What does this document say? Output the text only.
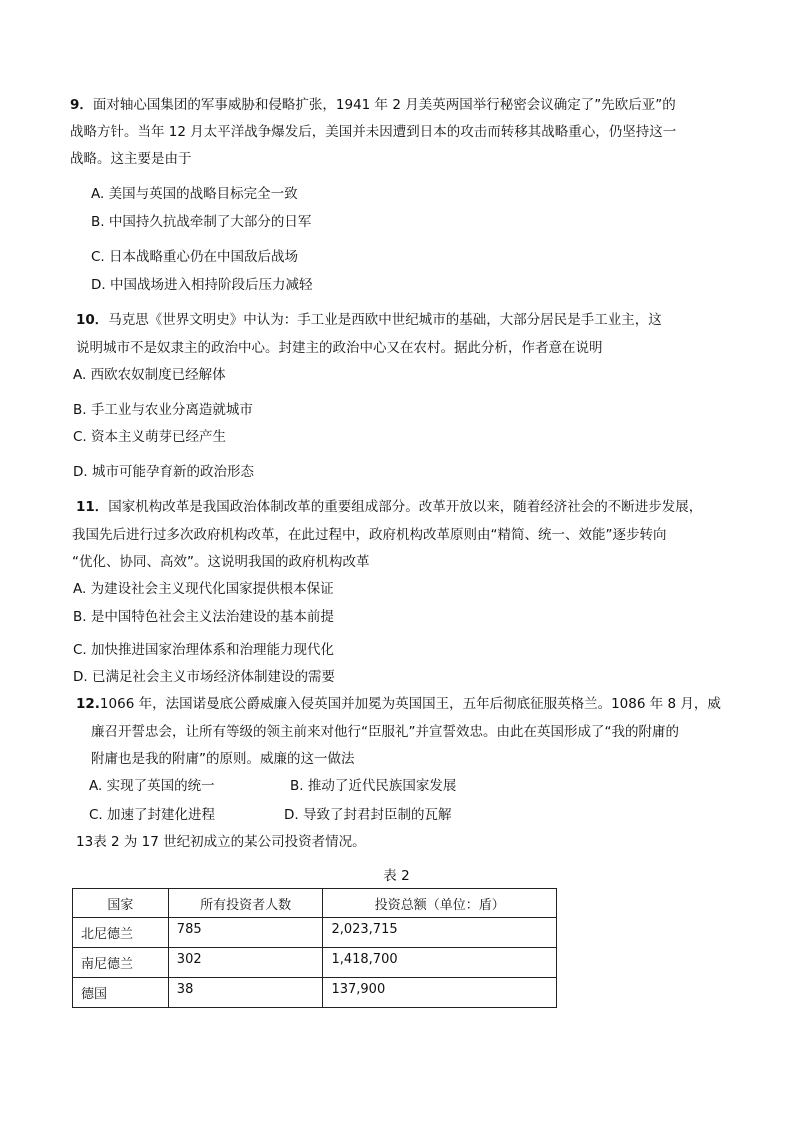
9．面对轴心国集团的军事威胁和侵略扩张，1941 年 2 月美英两国举行秘密会议确定了”先欧后亚”的
战略方针。当年 12 月太平洋战争爆发后，美国并未因遭到日本的攻击而转移其战略重心，仍坚持这一
战略。这主要是由于
A. 美国与英国的战略目标完全一致
B. 中国持久抗战牵制了大部分的日军
C. 日本战略重心仍在中国敌后战场
D. 中国战场进入相持阶段后压力减轻
10．马克思《世界文明史》中认为：手工业是西欧中世纪城市的基础，大部分居民是手工业主，这
说明城市不是奴隶主的政治中心。封建主的政治中心又在农村。据此分析，作者意在说明
A. 西欧农奴制度已经解体
B. 手工业与农业分离造就城市
C. 资本主义萌芽已经产生
D. 城市可能孕育新的政治形态
11．国家机构改革是我国政治体制改革的重要组成部分。改革开放以来，随着经济社会的不断进步发展，
我国先后进行过多次政府机构改革，在此过程中，政府机构改革原则由“精简、统一、效能”逐步转向
“优化、协同、高效”。这说明我国的政府机构改革
A. 为建设社会主义现代化国家提供根本保证
B. 是中国特色社会主义法治建设的基本前提
C. 加快推进国家治理体系和治理能力现代化
D. 已满足社会主义市场经济体制建设的需要
12.1066 年，法国诺曼底公爵威廉入侵英国并加冕为英国国王，五年后彻底征服英格兰。1086 年 8 月，威
廉召开誓忠会，让所有等级的领主前来对他行“臣服礼”并宣誓效忠。由此在英国形成了“我的附庸的
附庸也是我的附庸”的原则。威廉的这一做法
A. 实现了英国的统一	B. 推动了近代民族国家发展
C. 加速了封建化进程	D. 导致了封君封臣制的瓦解
13表 2 为 17 世纪初成立的某公司投资者情况。
表 2
国家	所有投资者人数	投资总额（单位：盾）
北尼德兰	785	2,023,715
南尼德兰	302	1,418,700
德国	38	137,900
